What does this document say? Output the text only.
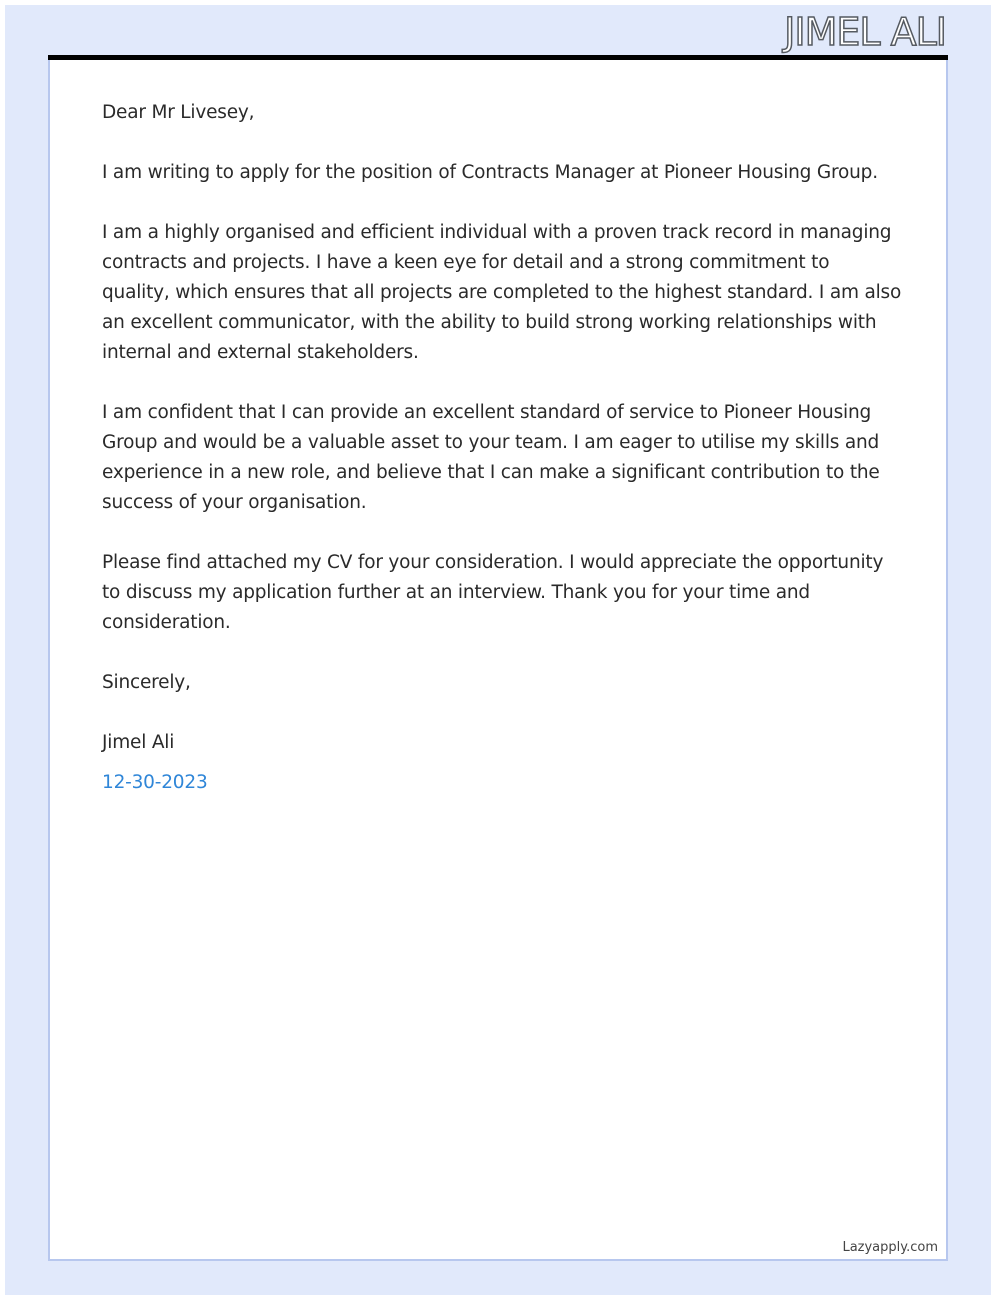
JIMEL ALI

Dear Mr Livesey,

I am writing to apply for the position of Contracts Manager at Pioneer Housing Group.

I am a highly organised and efficient individual with a proven track record in managing contracts and projects. I have a keen eye for detail and a strong commitment to quality, which ensures that all projects are completed to the highest standard. I am also an excellent communicator, with the ability to build strong working relationships with internal and external stakeholders.

I am confident that I can provide an excellent standard of service to Pioneer Housing Group and would be a valuable asset to your team. I am eager to utilise my skills and experience in a new role, and believe that I can make a significant contribution to the success of your organisation.

Please find attached my CV for your consideration. I would appreciate the opportunity to discuss my application further at an interview. Thank you for your time and consideration.

Sincerely,

Jimel Ali

12-30-2023

Lazyapply.com
